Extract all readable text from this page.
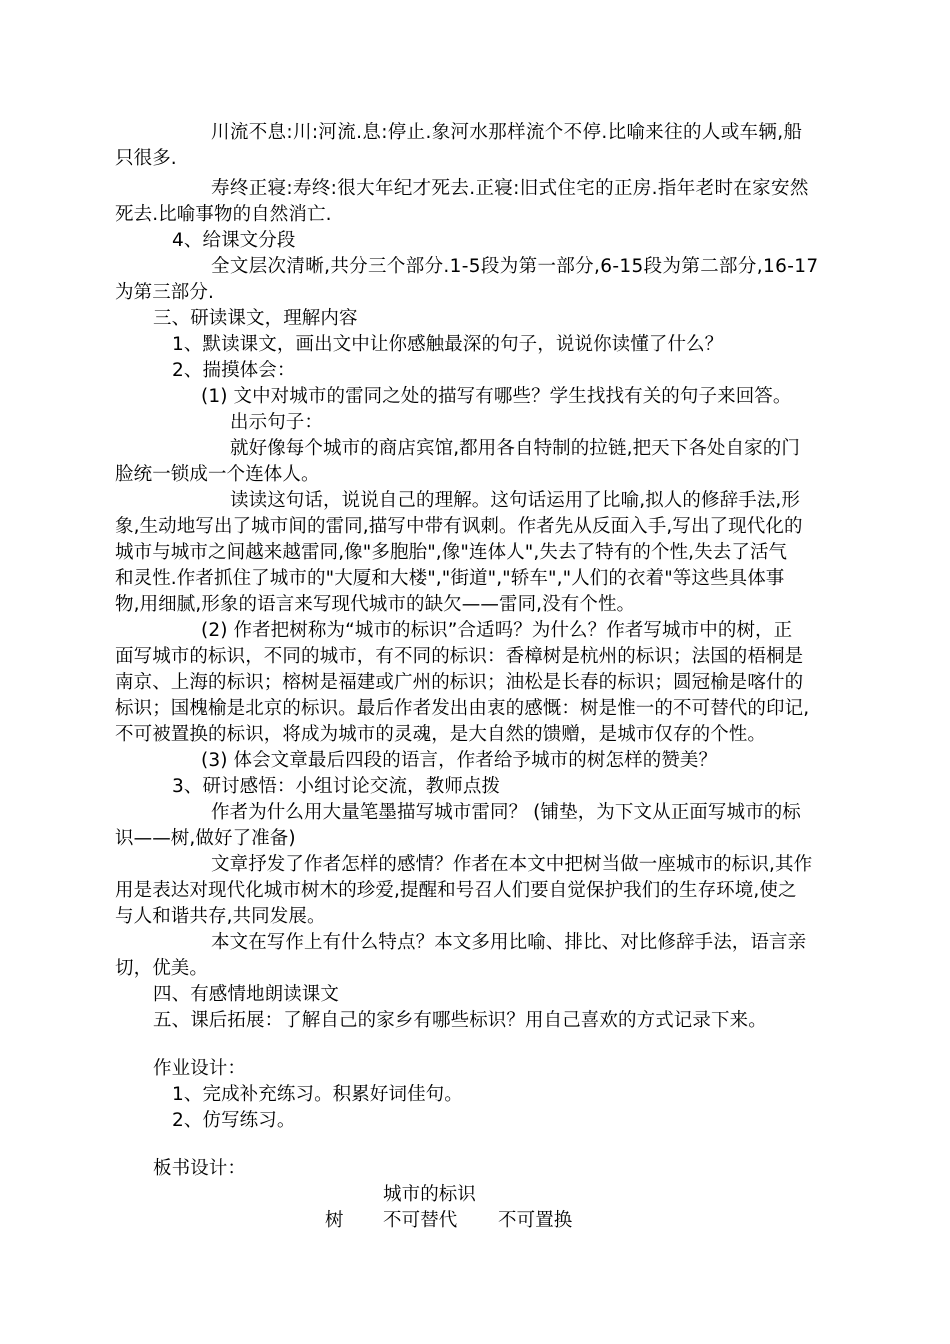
川流不息:川:河流.息:停止.象河水那样流个不停.比喻来往的人或车辆,船
只很多.
寿终正寝:寿终:很大年纪才死去.正寝:旧式住宅的正房.指年老时在家安然
死去.比喻事物的自然消亡.
4、给课文分段
全文层次清晰,共分三个部分.1-5段为第一部分,6-15段为第二部分,16-17
为第三部分.
三、研读课文，理解内容
1、默读课文，画出文中让你感触最深的句子，说说你读懂了什么？
2、揣摸体会：
(1) 文中对城市的雷同之处的描写有哪些？学生找找有关的句子来回答。
出示句子：
就好像每个城市的商店宾馆,都用各自特制的拉链,把天下各处自家的门
脸统一锁成一个连体人。
读读这句话，说说自己的理解。这句话运用了比喻,拟人的修辞手法,形
象,生动地写出了城市间的雷同,描写中带有讽刺。作者先从反面入手,写出了现代化的
城市与城市之间越来越雷同,像"多胞胎",像"连体人",失去了特有的个性,失去了活气
和灵性.作者抓住了城市的"大厦和大楼","街道","轿车","人们的衣着"等这些具体事
物,用细腻,形象的语言来写现代城市的缺欠——雷同,没有个性。
(2) 作者把树称为“城市的标识”合适吗？为什么？作者写城市中的树，正
面写城市的标识，不同的城市，有不同的标识：香樟树是杭州的标识；法国的梧桐是
南京、上海的标识；榕树是福建或广州的标识；油松是长春的标识；圆冠榆是喀什的
标识；国槐榆是北京的标识。最后作者发出由衷的感慨：树是惟一的不可替代的印记,
不可被置换的标识，将成为城市的灵魂，是大自然的馈赠，是城市仅存的个性。
(3) 体会文章最后四段的语言，作者给予城市的树怎样的赞美？
3、研讨感悟：小组讨论交流，教师点拨
作者为什么用大量笔墨描写城市雷同？ (铺垫，为下文从正面写城市的标
识——树,做好了准备)
文章抒发了作者怎样的感情？作者在本文中把树当做一座城市的标识,其作
用是表达对现代化城市树木的珍爱,提醒和号召人们要自觉保护我们的生存环境,使之
与人和谐共存,共同发展。
本文在写作上有什么特点？本文多用比喻、排比、对比修辞手法，语言亲
切，优美。
四、有感情地朗读课文
五、课后拓展：了解自己的家乡有哪些标识？用自己喜欢的方式记录下来。
作业设计：
1、完成补充练习。积累好词佳句。
2、仿写练习。
板书设计：
城市的标识
树 不可替代 不可置换
